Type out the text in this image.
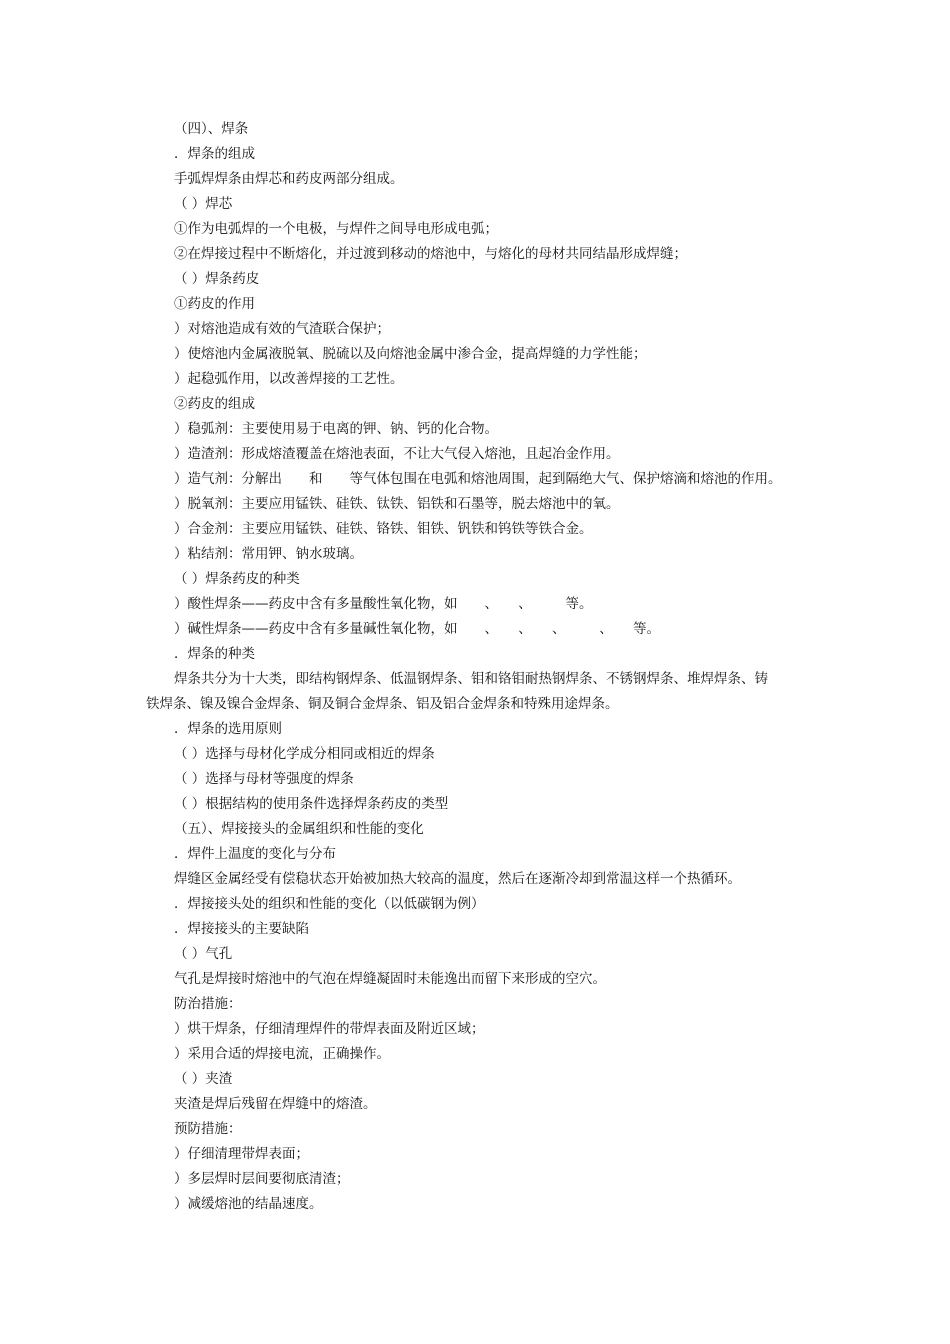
（四）、焊条

．焊条的组成

手弧焊焊条由焊芯和药皮两部分组成。

（ ）焊芯

①作为电弧焊的一个电极，与焊件之间导电形成电弧；

②在焊接过程中不断熔化，并过渡到移动的熔池中，与熔化的母材共同结晶形成焊缝；

（ ）焊条药皮

①药皮的作用

）对熔池造成有效的气渣联合保护；

）使熔池内金属液脱氧、脱硫以及向熔池金属中渗合金，提高焊缝的力学性能；

）起稳弧作用，以改善焊接的工艺性。

②药皮的组成

）稳弧剂：主要使用易于电离的钾、钠、钙的化合物。

）造渣剂：形成熔渣覆盖在熔池表面，不让大气侵入熔池，且起冶金作用。

）造气剂：分解出　　和　　等气体包围在电弧和熔池周围，起到隔绝大气、保护熔滴和熔池的作用。

）脱氧剂：主要应用锰铁、硅铁、钛铁、铝铁和石墨等，脱去熔池中的氧。

）合金剂：主要应用锰铁、硅铁、铬铁、钼铁、钒铁和钨铁等铁合金。

）粘结剂：常用钾、钠水玻璃。

（ ）焊条药皮的种类

）酸性焊条——药皮中含有多量酸性氧化物，如　　、　　、　　　等。

）碱性焊条——药皮中含有多量碱性氧化物，如　　、　　、　　、　　　、　　等。

．焊条的种类

焊条共分为十大类，即结构钢焊条、低温钢焊条、钼和铬钼耐热钢焊条、不锈钢焊条、堆焊焊条、铸

铁焊条、镍及镍合金焊条、铜及铜合金焊条、铝及铝合金焊条和特殊用途焊条。

．焊条的选用原则

（ ）选择与母材化学成分相同或相近的焊条

（ ）选择与母材等强度的焊条

（ ）根据结构的使用条件选择焊条药皮的类型

（五）、焊接接头的金属组织和性能的变化

．焊件上温度的变化与分布

焊缝区金属经受有偿稳状态开始被加热大较高的温度，然后在逐渐冷却到常温这样一个热循环。

．焊接接头处的组织和性能的变化（以低碳钢为例）

．焊接接头的主要缺陷

（ ）气孔

气孔是焊接时熔池中的气泡在焊缝凝固时未能逸出而留下来形成的空穴。

防治措施：

）烘干焊条，仔细清理焊件的带焊表面及附近区域；

）采用合适的焊接电流，正确操作。

（ ）夹渣

夹渣是焊后残留在焊缝中的熔渣。

预防措施：

）仔细清理带焊表面；

）多层焊时层间要彻底清渣；

）减缓熔池的结晶速度。
